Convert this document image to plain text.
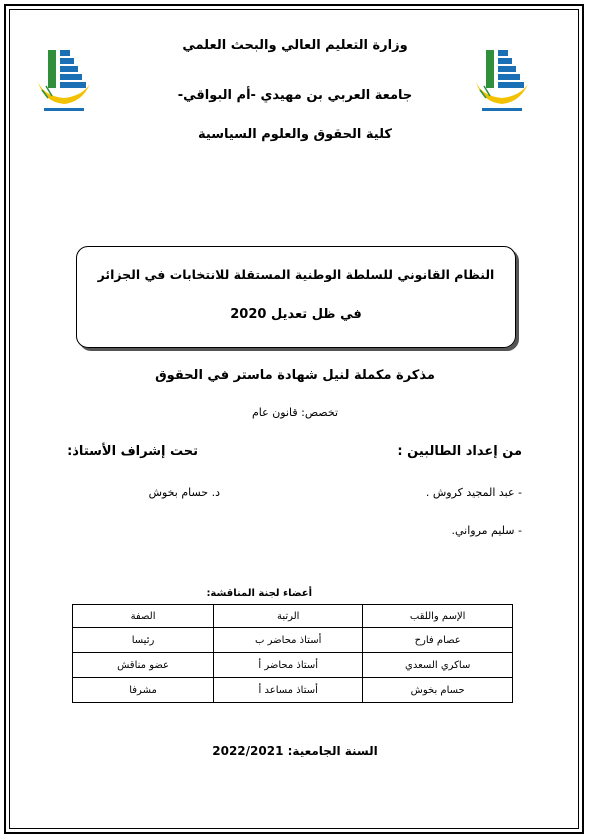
وزارة التعليم العالي والبحث العلمي
جامعة العربي بن مهيدي -أم البواقي-
كلية الحقوق والعلوم السياسية
النظام القانوني للسلطة الوطنية المستقلة للانتخابات في الجزائر
في ظل تعديل 2020
مذكرة مكملة لنيل شهادة ماستر في الحقوق
تخصص: قانون عام
من إعداد الطالبين :
تحت إشراف الأستاذ:
- عبد المجيد كروش .
- سليم مرواني.
د. حسام بخوش
أعضاء لجنة المناقشة:
الإسم واللقب	الرتبة	الصفة
عصام فارح	أستاذ محاضر ب	رئيسا
ساكري السعدي	أستاذ محاضر أ	عضو مناقش
حسام بخوش	أستاذ مساعد أ	مشرفا
السنة الجامعية: 2022/2021
